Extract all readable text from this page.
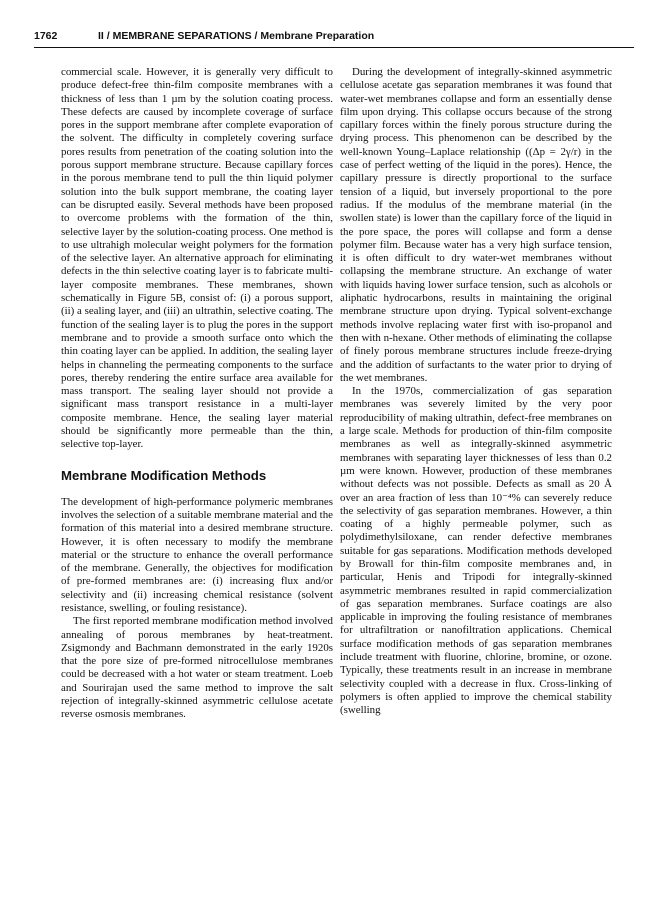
1762	II / MEMBRANE SEPARATIONS / Membrane Preparation

commercial scale. However, it is generally very difficult to produce defect-free thin-film composite membranes with a thickness of less than 1 µm by the solution coating process. These defects are caused by incomplete coverage of surface pores in the support membrane after complete evaporation of the solvent. The difficulty in completely covering surface pores results from penetration of the coating solution into the porous support membrane structure. Because capillary forces in the porous membrane tend to pull the thin liquid polymer solution into the bulk support membrane, the coating layer can be disrupted easily. Several methods have been proposed to overcome problems with the formation of the thin, selective layer by the solution-coating process. One method is to use ultrahigh molecular weight polymers for the formation of the selective layer. An alternative approach for eliminating defects in the thin selective coating layer is to fabricate multi-layer composite membranes. These membranes, shown schematically in Figure 5B, consist of: (i) a porous support, (ii) a sealing layer, and (iii) an ultrathin, selective coating. The function of the sealing layer is to plug the pores in the support membrane and to provide a smooth surface onto which the thin coating layer can be applied. In addition, the sealing layer helps in channeling the permeating components to the surface pores, thereby rendering the entire surface area available for mass transport. The sealing layer should not provide a significant mass transport resistance in a multi-layer composite membrane. Hence, the sealing layer material should be significantly more permeable than the thin, selective top-layer.

Membrane Modification Methods

The development of high-performance polymeric membranes involves the selection of a suitable membrane material and the formation of this material into a desired membrane structure. However, it is often necessary to modify the membrane material or the structure to enhance the overall performance of the membrane. Generally, the objectives for modification of pre-formed membranes are: (i) increasing flux and/or selectivity and (ii) increasing chemical resistance (solvent resistance, swelling, or fouling resistance).

The first reported membrane modification method involved annealing of porous membranes by heat-treatment. Zsigmondy and Bachmann demonstrated in the early 1920s that the pore size of pre-formed nitrocellulose membranes could be decreased with a hot water or steam treatment. Loeb and Sourirajan used the same method to improve the salt rejection of integrally-skinned asymmetric cellulose acetate reverse osmosis membranes.

During the development of integrally-skinned asymmetric cellulose acetate gas separation membranes it was found that water-wet membranes collapse and form an essentially dense film upon drying. This collapse occurs because of the strong capillary forces within the finely porous structure during the drying process. This phenomenon can be described by the well-known Young–Laplace relationship ((Δp = 2γ/r) in the case of perfect wetting of the liquid in the pores). Hence, the capillary pressure is directly proportional to the surface tension of a liquid, but inversely proportional to the pore radius. If the modulus of the membrane material (in the swollen state) is lower than the capillary force of the liquid in the pore space, the pores will collapse and form a dense polymer film. Because water has a very high surface tension, it is often difficult to dry water-wet membranes without collapsing the membrane structure. An exchange of water with liquids having lower surface tension, such as alcohols or aliphatic hydrocarbons, results in maintaining the original membrane structure upon drying. Typical solvent-exchange methods involve replacing water first with iso-propanol and then with n-hexane. Other methods of eliminating the collapse of finely porous membrane structures include freeze-drying and the addition of surfactants to the water prior to drying of the wet membranes.

In the 1970s, commercialization of gas separation membranes was severely limited by the very poor reproducibility of making ultrathin, defect-free membranes on a large scale. Methods for production of thin-film composite membranes as well as integrally-skinned asymmetric membranes with separating layer thicknesses of less than 0.2 µm were known. However, production of these membranes without defects was not possible. Defects as small as 20 Å over an area fraction of less than 10⁻⁴% can severely reduce the selectivity of gas separation membranes. However, a thin coating of a highly permeable polymer, such as polydimethylsiloxane, can render defective membranes suitable for gas separations. Modification methods developed by Browall for thin-film composite membranes and, in particular, Henis and Tripodi for integrally-skinned asymmetric membranes resulted in rapid commercialization of gas separation membranes. Surface coatings are also applicable in improving the fouling resistance of membranes for ultrafiltration or nanofiltration applications. Chemical surface modification methods of gas separation membranes include treatment with fluorine, chlorine, bromine, or ozone. Typically, these treatments result in an increase in membrane selectivity coupled with a decrease in flux. Cross-linking of polymers is often applied to improve the chemical stability (swelling
